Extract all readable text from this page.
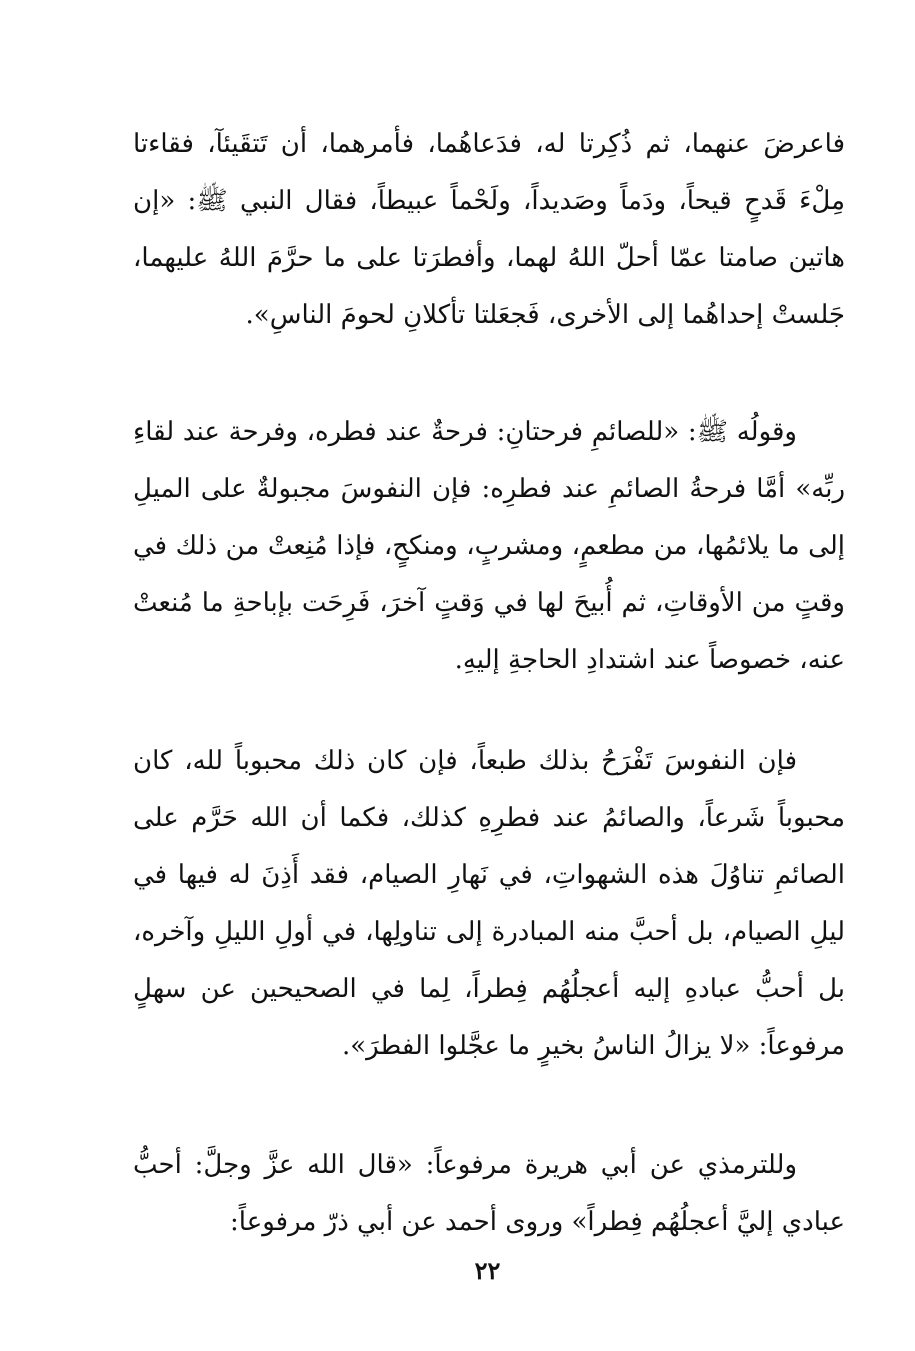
فاعرضَ عنهما، ثم ذُكِرتا له، فدَعاهُما، فأمرهما، أن تَتقَيئآ، فقاءتا مِلْءَ قَدحٍ قيحاً، ودَماً وصَديداً، ولَحْماً عبيطاً، فقال النبي ﷺ: «إن هاتين صامتا عمّا أحلّ اللهُ لهما، وأفطرَتا على ما حرَّمَ اللهُ عليهما، جَلستْ إحداهُما إلى الأخرى، فَجعَلتا تأكلانِ لحومَ الناسِ».

وقولُه ﷺ: «للصائمِ فرحتانِ: فرحةٌ عند فطره، وفرحة عند لقاءِ ربِّه» أمَّا فرحةُ الصائمِ عند فطرِه: فإن النفوسَ مجبولةٌ على الميلِ إلى ما يلائمُها، من مطعمٍ، ومشربٍ، ومنكحٍ، فإذا مُنِعتْ من ذلك في وقتٍ من الأوقاتِ، ثم أُبيحَ لها في وَقتٍ آخرَ، فَرِحَت بإباحةِ ما مُنعتْ عنه، خصوصاً عند اشتدادِ الحاجةِ إليهِ.

فإن النفوسَ تَفْرَحُ بذلك طبعاً، فإن كان ذلك محبوباً لله، كان محبوباً شَرعاً، والصائمُ عند فطرِهِ كذلك، فكما أن الله حَرَّم على الصائمِ تناوُلَ هذه الشهواتِ، في نَهارِ الصيام، فقد أَذِنَ له فيها في ليلِ الصيام، بل أحبَّ منه المبادرة إلى تناولِها، في أولِ الليلِ وآخره، بل أحبُّ عبادهِ إليه أعجلُهُم فِطراً، لِما في الصحيحين عن سهلٍ مرفوعاً: «لا يزالُ الناسُ بخيرٍ ما عجَّلوا الفطرَ».

وللترمذي عن أبي هريرة مرفوعاً: «قال الله عزَّ وجلَّ: أحبُّ عبادي إليَّ أعجلُهُم فِطراً» وروى أحمد عن أبي ذرّ مرفوعاً:

٢٢
